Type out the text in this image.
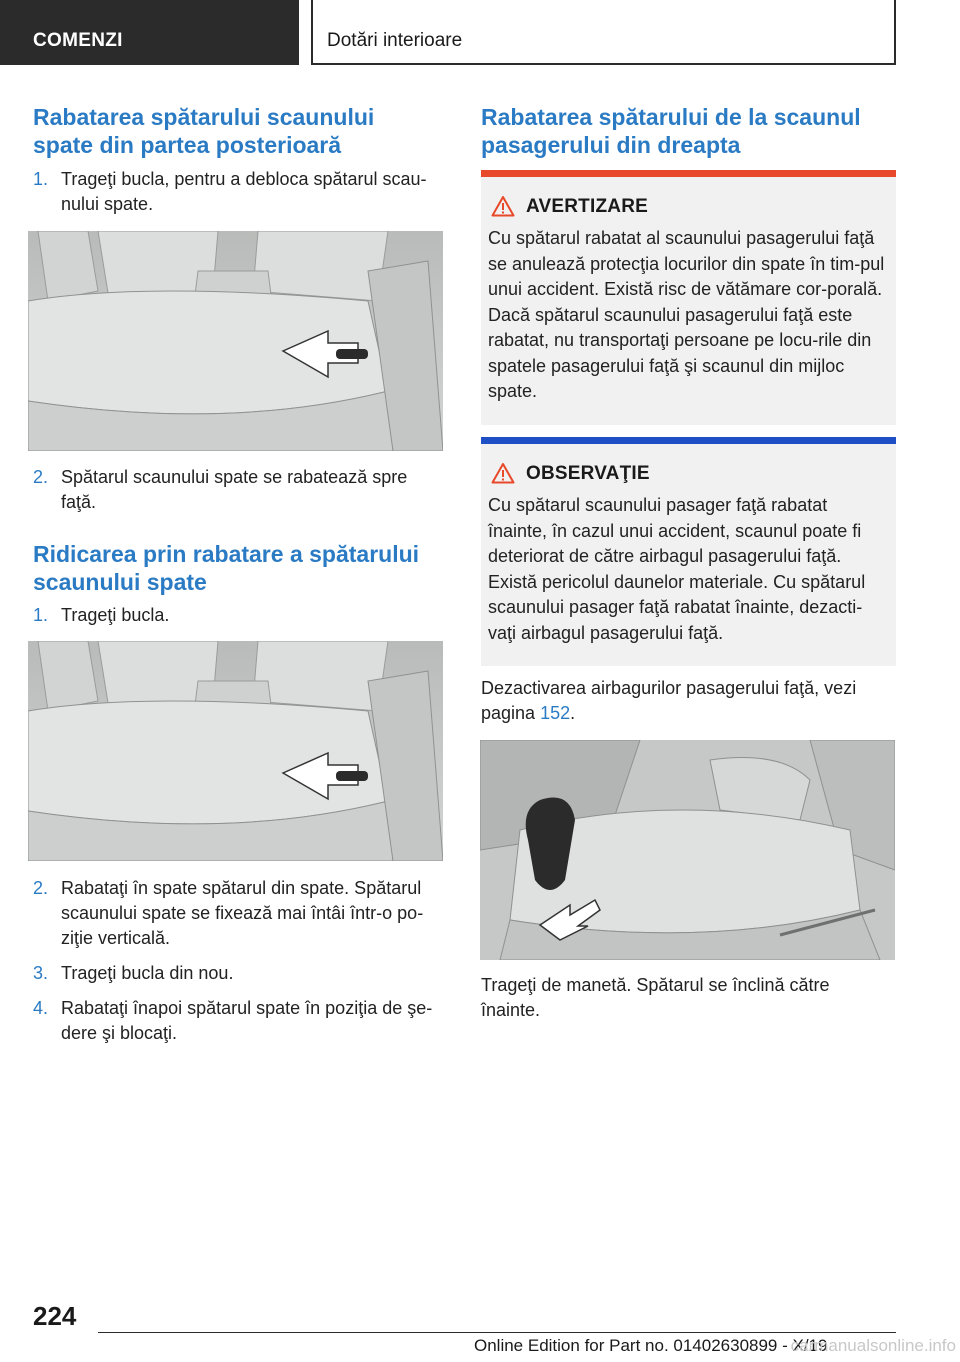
COMENZI	Dotări interioare
Rabatarea spătarului scaunului spate din partea posterioară
1. Trageţi bucla, pentru a debloca spătarul scau-nului spate.
2. Spătarul scaunului spate se rabatează spre faţă.
Ridicarea prin rabatare a spătarului scaunului spate
1. Trageţi bucla.
2. Rabataţi în spate spătarul din spate. Spătarul scaunului spate se fixează mai întâi într-o po-ziţie verticală.
3. Trageţi bucla din nou.
4. Rabataţi înapoi spătarul spate în poziţia de şe-dere şi blocaţi.
Rabatarea spătarului de la scaunul pasagerului din dreapta
AVERTIZARE
Cu spătarul rabatat al scaunului pasagerului faţă se anulează protecţia locurilor din spate în tim-pul unui accident. Există risc de vătămare cor-porală. Dacă spătarul scaunului pasagerului faţă este rabatat, nu transportaţi persoane pe locu-rile din spatele pasagerului faţă şi scaunul din mijloc spate.
OBSERVAŢIE
Cu spătarul scaunului pasager faţă rabatat înainte, în cazul unui accident, scaunul poate fi deteriorat de către airbagul pasagerului faţă. Există pericolul daunelor materiale. Cu spătarul scaunului pasager faţă rabatat înainte, dezacti-vaţi airbagul pasagerului faţă.

Dezactivarea airbagurilor pasagerului faţă, vezi pagina 152.

Trageţi de manetă. Spătarul se înclină către înainte.

224
Online Edition for Part no. 01402630899 - X/19
carmanualsonline.info
